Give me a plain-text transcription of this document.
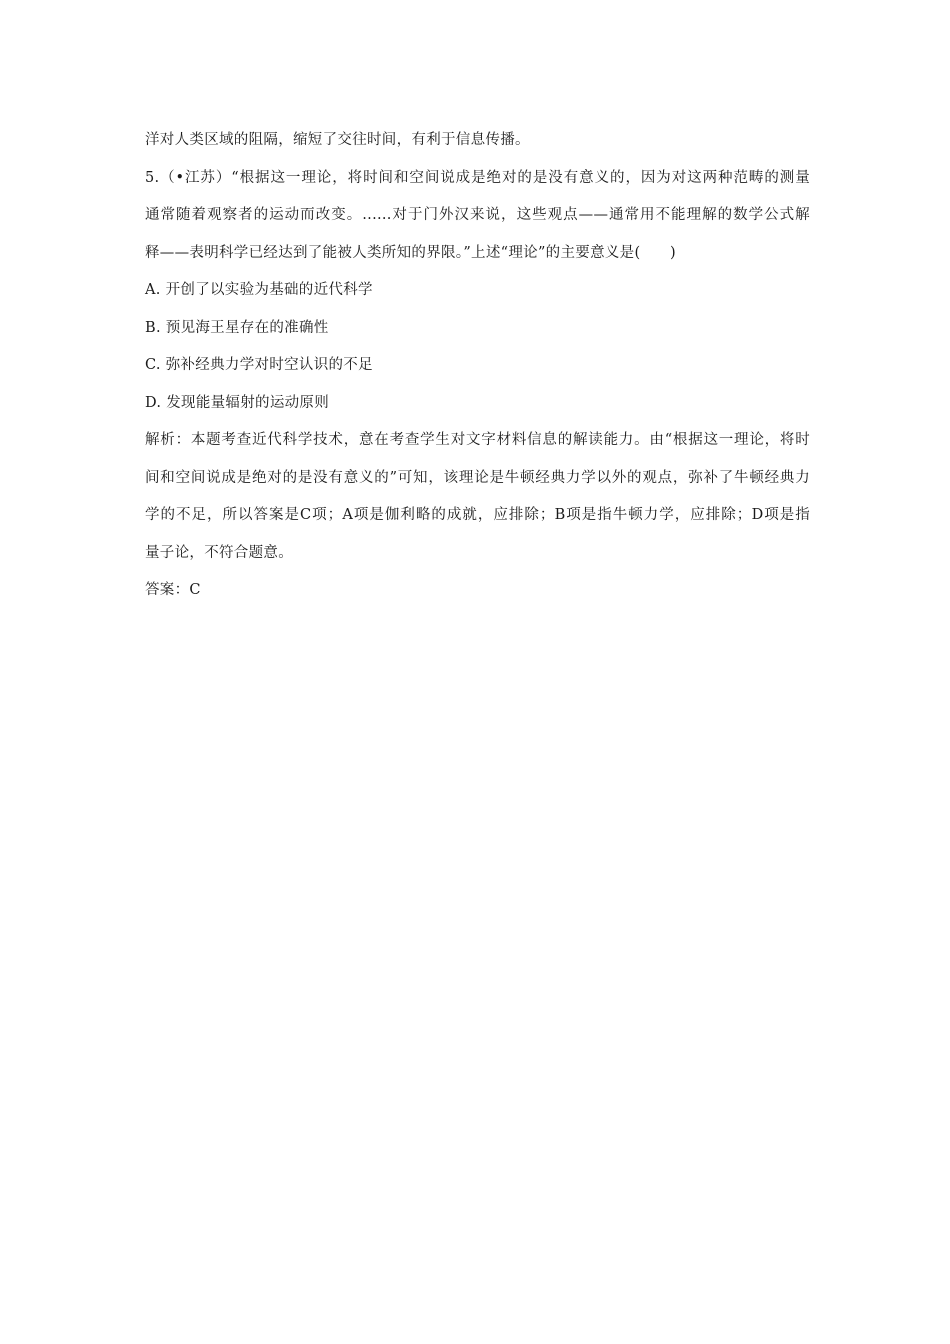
洋对人类区域的阻隔，缩短了交往时间，有利于信息传播。
5.（•江苏）“根据这一理论，将时间和空间说成是绝对的是没有意义的，因为对这两种范畴的测量
通常随着观察者的运动而改变。......对于门外汉来说，这些观点——通常用不能理解的数学公式解
释——表明科学已经达到了能被人类所知的界限。”上述“理论”的主要意义是(　　)
A. 开创了以实验为基础的近代科学
B. 预见海王星存在的准确性
C. 弥补经典力学对时空认识的不足
D. 发现能量辐射的运动原则
解析：本题考查近代科学技术，意在考查学生对文字材料信息的解读能力。由“根据这一理论，将时
间和空间说成是绝对的是没有意义的”可知，该理论是牛顿经典力学以外的观点，弥补了牛顿经典力
学的不足，所以答案是C项；A项是伽利略的成就，应排除；B项是指牛顿力学，应排除；D项是指
量子论，不符合题意。
答案：C
